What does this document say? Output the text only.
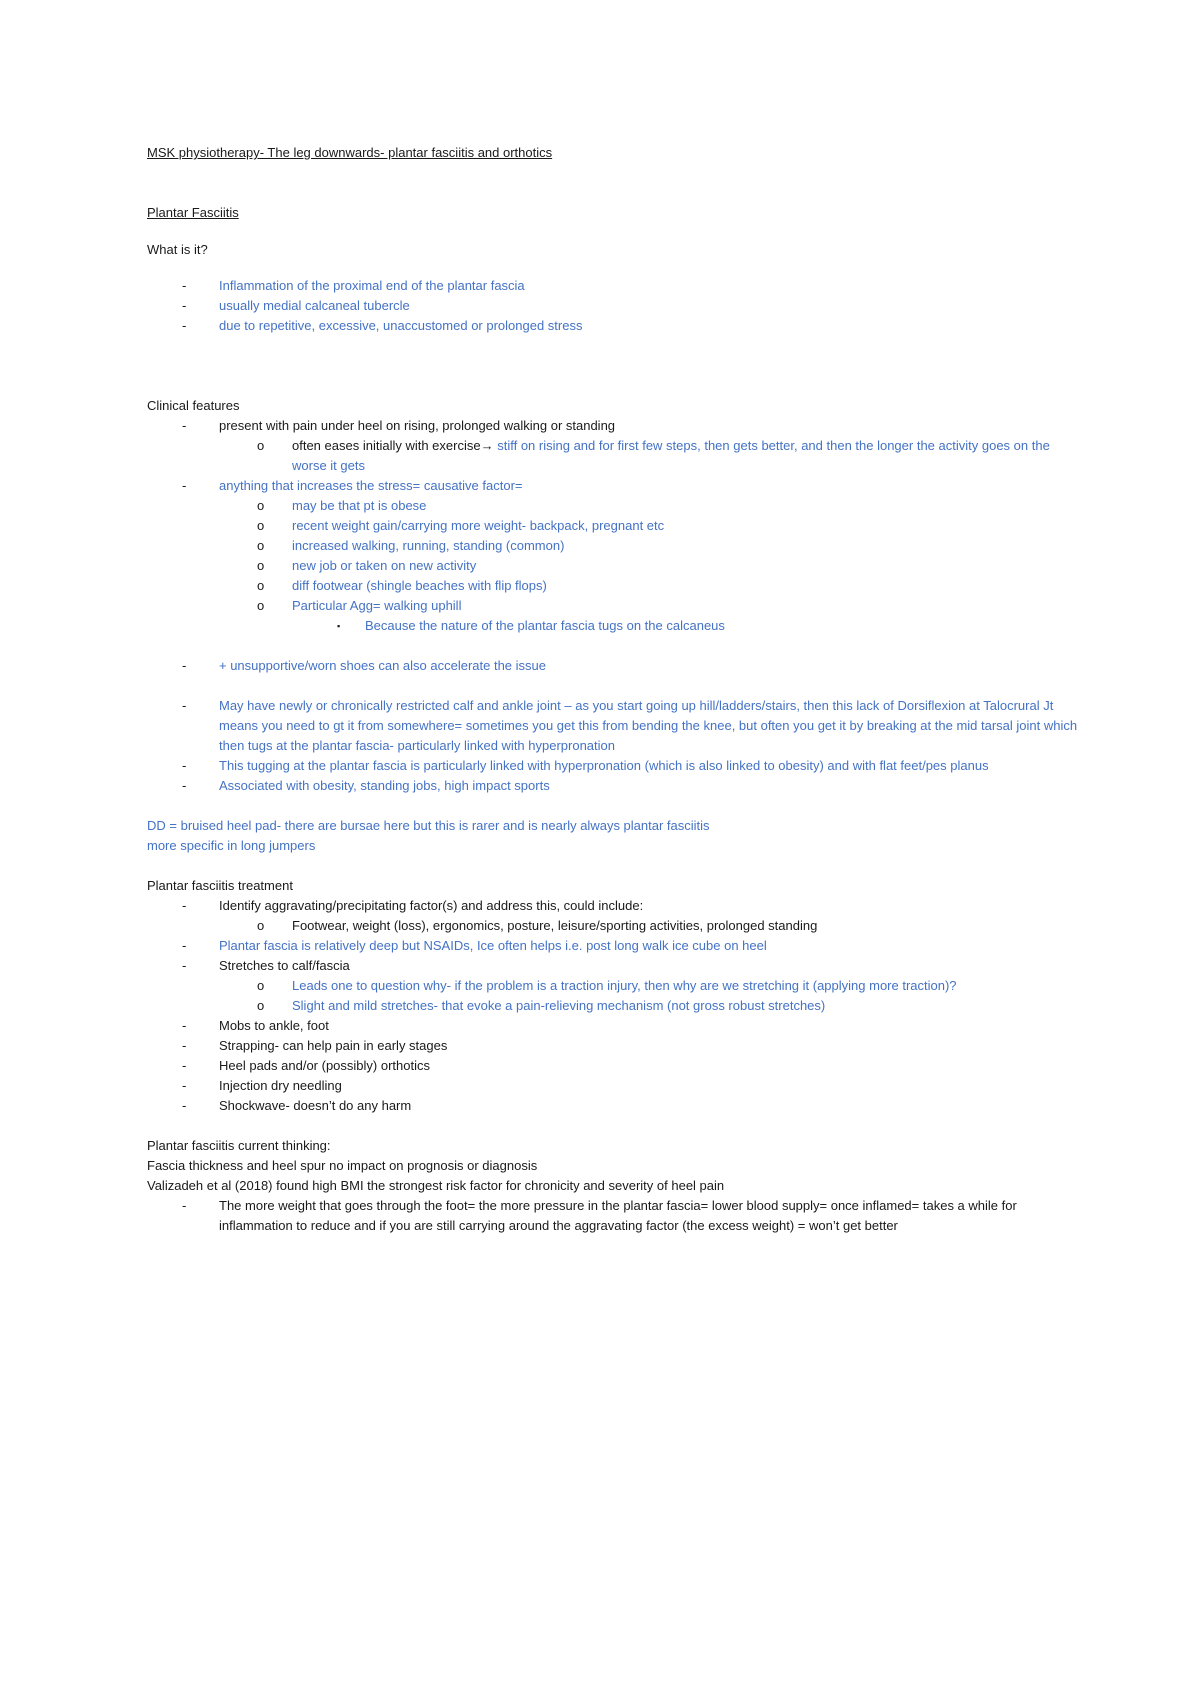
MSK physiotherapy- The leg downwards- plantar fasciitis and orthotics
Plantar Fasciitis
What is it?
-	Inflammation of the proximal end of the plantar fascia
-	usually medial calcaneal tubercle
-	due to repetitive, excessive, unaccustomed or prolonged stress
Clinical features
-	present with pain under heel on rising, prolonged walking or standing
o often eases initially with exercise→ stiff on rising and for first few steps, then gets better, and then the longer the activity goes on the worse it gets
-	anything that increases the stress= causative factor=
o may be that pt is obese
o recent weight gain/carrying more weight- backpack, pregnant etc
o increased walking, running, standing (common)
o new job or taken on new activity
o diff footwear (shingle beaches with flip flops)
o Particular Agg= walking uphill
▪ Because the nature of the plantar fascia tugs on the calcaneus
-	+ unsupportive/worn shoes can also accelerate the issue
-	May have newly or chronically restricted calf and ankle joint – as you start going up hill/ladders/stairs, then this lack of Dorsiflexion at Talocrural Jt means you need to gt it from somewhere= sometimes you get this from bending the knee, but often you get it by breaking at the mid tarsal joint which then tugs at the plantar fascia- particularly linked with hyperpronation
-	This tugging at the plantar fascia is particularly linked with hyperpronation (which is also linked to obesity) and with flat feet/pes planus
-	Associated with obesity, standing jobs, high impact sports
DD = bruised heel pad- there are bursae here but this is rarer and is nearly always plantar fasciitis
more specific in long jumpers
Plantar fasciitis treatment
-	Identify aggravating/precipitating factor(s) and address this, could include:
o Footwear, weight (loss), ergonomics, posture, leisure/sporting activities, prolonged standing
-	Plantar fascia is relatively deep but NSAIDs, Ice often helps i.e. post long walk ice cube on heel
-	Stretches to calf/fascia
o Leads one to question why- if the problem is a traction injury, then why are we stretching it (applying more traction)?
o Slight and mild stretches- that evoke a pain-relieving mechanism (not gross robust stretches)
-	Mobs to ankle, foot
-	Strapping- can help pain in early stages
-	Heel pads and/or (possibly) orthotics
-	Injection dry needling
-	Shockwave- doesn’t do any harm
Plantar fasciitis current thinking:
Fascia thickness and heel spur no impact on prognosis or diagnosis
Valizadeh et al (2018) found high BMI the strongest risk factor for chronicity and severity of heel pain
-	The more weight that goes through the foot= the more pressure in the plantar fascia= lower blood supply= once inflamed= takes a while for inflammation to reduce and if you are still carrying around the aggravating factor (the excess weight) = won’t get better
